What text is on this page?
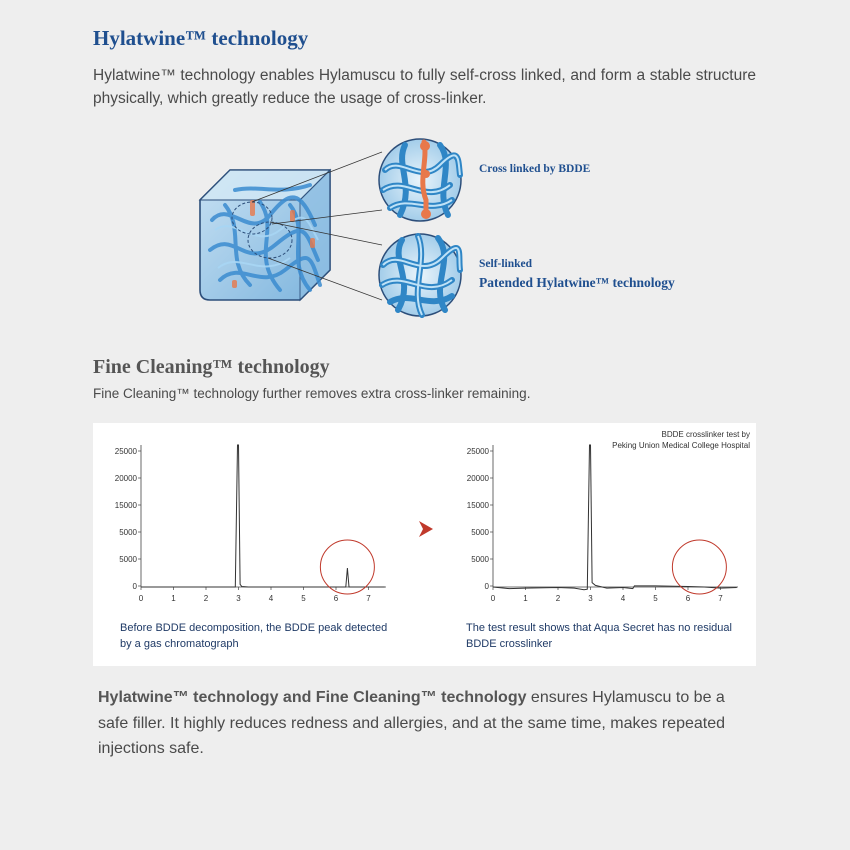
Hylatwine™ technology
Hylatwine™ technology enables Hylamuscu to fully self-cross linked, and form a stable structure physically, which greatly reduce the usage of cross-linker.
Cross linked by BDDE
Self-linked
Patended Hylatwine™ technology
Fine Cleaning™ technology
Fine Cleaning™ technology further removes extra cross-linker remaining.
25000
20000
15000
5000
5000
0
0	1	2	3	4	5	6	7
25000
20000
15000
5000
5000
0
0	1	2	3	4	5	6	7
BDDE crosslinker test by
Peking Union Medical College Hospital
Before BDDE decomposition, the BDDE peak detected by a gas chromatograph
The test result shows that Aqua Secret has no residual BDDE crosslinker
Hylatwine™ technology and Fine Cleaning™ technology ensures Hylamuscu to be a safe filler. It highly reduces redness and allergies, and at the same time, makes repeated injections safe.
